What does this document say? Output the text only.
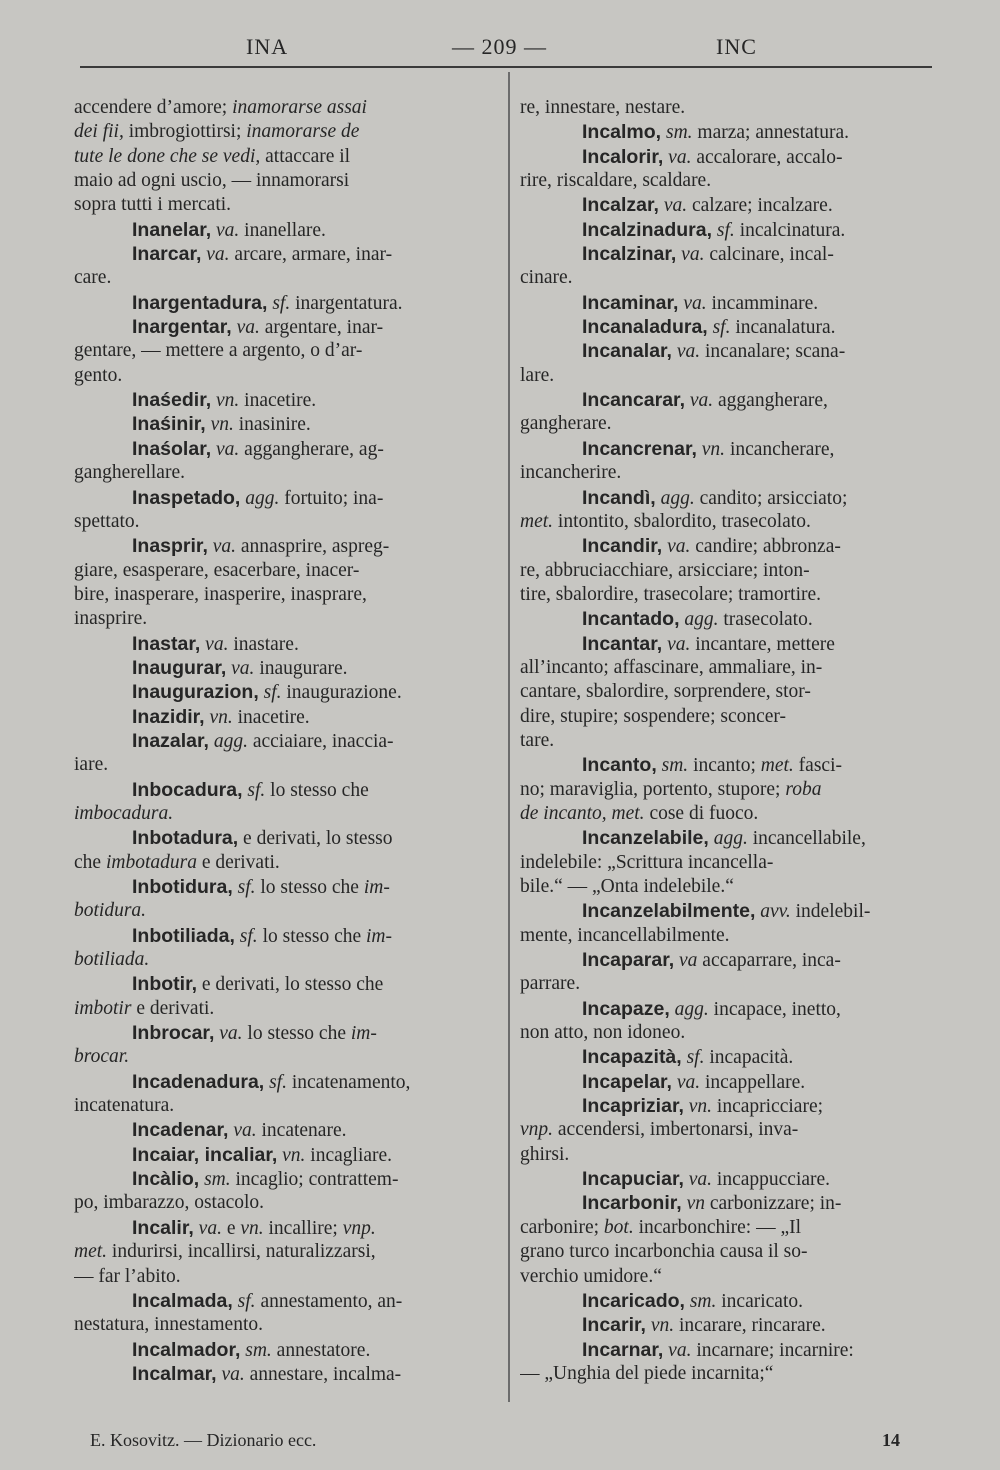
INA	— 209 —	INC
accendere d’amore; inamorarse assai
dei fii, imbrogiottirsi; inamorarse de
tute le done che se vedi, attaccare il
maio ad ogni uscio, — innamorarsi
sopra tutti i mercati.
Inanelar, va. inanellare.
Inarcar, va. arcare, armare, inar-
care.
Inargentadura, sf. inargentatura.
Inargentar, va. argentare, inar-
gentare, — mettere a argento, o d’ar-
gento.
Inaśedir, vn. inacetire.
Inaśinir, vn. inasinire.
Inaśolar, va. aggangherare, ag-
gangherellare.
Inaspetado, agg. fortuito; ina-
spettato.
Inasprir, va. annasprire, aspreg-
giare, esasperare, esacerbare, inacer-
bire, inasperare, inasperire, inasprare,
inasprire.
Inastar, va. inastare.
Inaugurar, va. inaugurare.
Inaugurazion, sf. inaugurazione.
Inazidir, vn. inacetire.
Inazalar, agg. acciaiare, inaccia-
iare.
Inbocadura, sf. lo stesso che
imbocadura.
Inbotadura, e derivati, lo stesso
che imbotadura e derivati.
Inbotidura, sf. lo stesso che im-
botidura.
Inbotiliada, sf. lo stesso che im-
botiliada.
Inbotir, e derivati, lo stesso che
imbotir e derivati.
Inbrocar, va. lo stesso che im-
brocar.
Incadenadura, sf. incatenamento,
incatenatura.
Incadenar, va. incatenare.
Incaiar, incaliar, vn. incagliare.
Incàlio, sm. incaglio; contrattem-
po, imbarazzo, ostacolo.
Incalir, va. e vn. incallire; vnp.
met. indurirsi, incallirsi, naturalizzarsi,
— far l’abito.
Incalmada, sf. annestamento, an-
nestatura, innestamento.
Incalmador, sm. annestatore.
Incalmar, va. annestare, incalma-
re, innestare, nestare.
Incalmo, sm. marza; annestatura.
Incalorir, va. accalorare, accalo-
rire, riscaldare, scaldare.
Incalzar, va. calzare; incalzare.
Incalzinadura, sf. incalcinatura.
Incalzinar, va. calcinare, incal-
cinare.
Incaminar, va. incamminare.
Incanaladura, sf. incanalatura.
Incanalar, va. incanalare; scana-
lare.
Incancarar, va. aggangherare,
gangherare.
Incancrenar, vn. incancherare,
incancherire.
Incandì, agg. candito; arsicciato;
met. intontito, sbalordito, trasecolato.
Incandir, va. candire; abbronza-
re, abbruciacchiare, arsicciare; inton-
tire, sbalordire, trasecolare; tramortire.
Incantado, agg. trasecolato.
Incantar, va. incantare, mettere
all’incanto; affascinare, ammaliare, in-
cantare, sbalordire, sorprendere, stor-
dire, stupire; sospendere; sconcer-
tare.
Incanto, sm. incanto; met. fasci-
no; maraviglia, portento, stupore; roba
de incanto, met. cose di fuoco.
Incanzelabile, agg. incancellabile,
indelebile: „Scrittura incancella-
bile.“ — „Onta indelebile.“
Incanzelabilmente, avv. indelebil-
mente, incancellabilmente.
Incaparar, va accaparrare, inca-
parrare.
Incapaze, agg. incapace, inetto,
non atto, non idoneo.
Incapazità, sf. incapacità.
Incapelar, va. incappellare.
Incapriziar, vn. incapricciare;
vnp. accendersi, imbertonarsi, inva-
ghirsi.
Incapuciar, va. incappucciare.
Incarbonir, vn carbonizzare; in-
carbonire; bot. incarbonchire: — „Il
grano turco incarbonchia causa il so-
verchio umidore.“
Incaricado, sm. incaricato.
Incarir, vn. incarare, rincarare.
Incarnar, va. incarnare; incarnire:
— „Unghia del piede incarnita;“
E. Kosovitz. — Dizionario ecc.	14
